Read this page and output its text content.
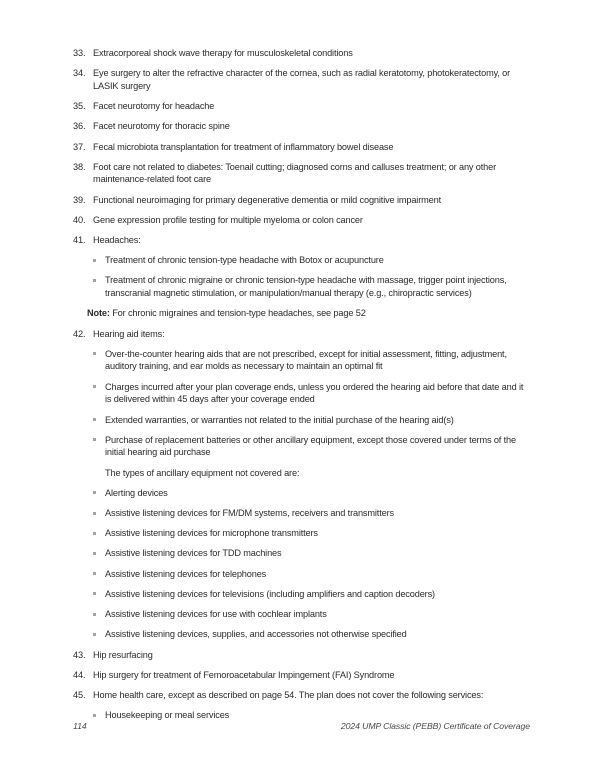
33. Extracorporeal shock wave therapy for musculoskeletal conditions

34. Eye surgery to alter the refractive character of the cornea, such as radial keratotomy, photokeratectomy, or LASIK surgery

35. Facet neurotomy for headache

36. Facet neurotomy for thoracic spine

37. Fecal microbiota transplantation for treatment of inflammatory bowel disease

38. Foot care not related to diabetes: Toenail cutting; diagnosed corns and calluses treatment; or any other maintenance-related foot care

39. Functional neuroimaging for primary degenerative dementia or mild cognitive impairment

40. Gene expression profile testing for multiple myeloma or colon cancer

41. Headaches:

Treatment of chronic tension-type headache with Botox or acupuncture

Treatment of chronic migraine or chronic tension-type headache with massage, trigger point injections, transcranial magnetic stimulation, or manipulation/manual therapy (e.g., chiropractic services)

Note: For chronic migraines and tension-type headaches, see page 52

42. Hearing aid items:

Over-the-counter hearing aids that are not prescribed, except for initial assessment, fitting, adjustment, auditory training, and ear molds as necessary to maintain an optimal fit

Charges incurred after your plan coverage ends, unless you ordered the hearing aid before that date and it is delivered within 45 days after your coverage ended

Extended warranties, or warranties not related to the initial purchase of the hearing aid(s)

Purchase of replacement batteries or other ancillary equipment, except those covered under terms of the initial hearing aid purchase

The types of ancillary equipment not covered are:

Alerting devices

Assistive listening devices for FM/DM systems, receivers and transmitters

Assistive listening devices for microphone transmitters

Assistive listening devices for TDD machines

Assistive listening devices for telephones

Assistive listening devices for televisions (including amplifiers and caption decoders)

Assistive listening devices for use with cochlear implants

Assistive listening devices, supplies, and accessories not otherwise specified

43. Hip resurfacing

44. Hip surgery for treatment of Femoroacetabular Impingement (FAI) Syndrome

45. Home health care, except as described on page 54. The plan does not cover the following services:

Housekeeping or meal services

114	2024 UMP Classic (PEBB) Certificate of Coverage
